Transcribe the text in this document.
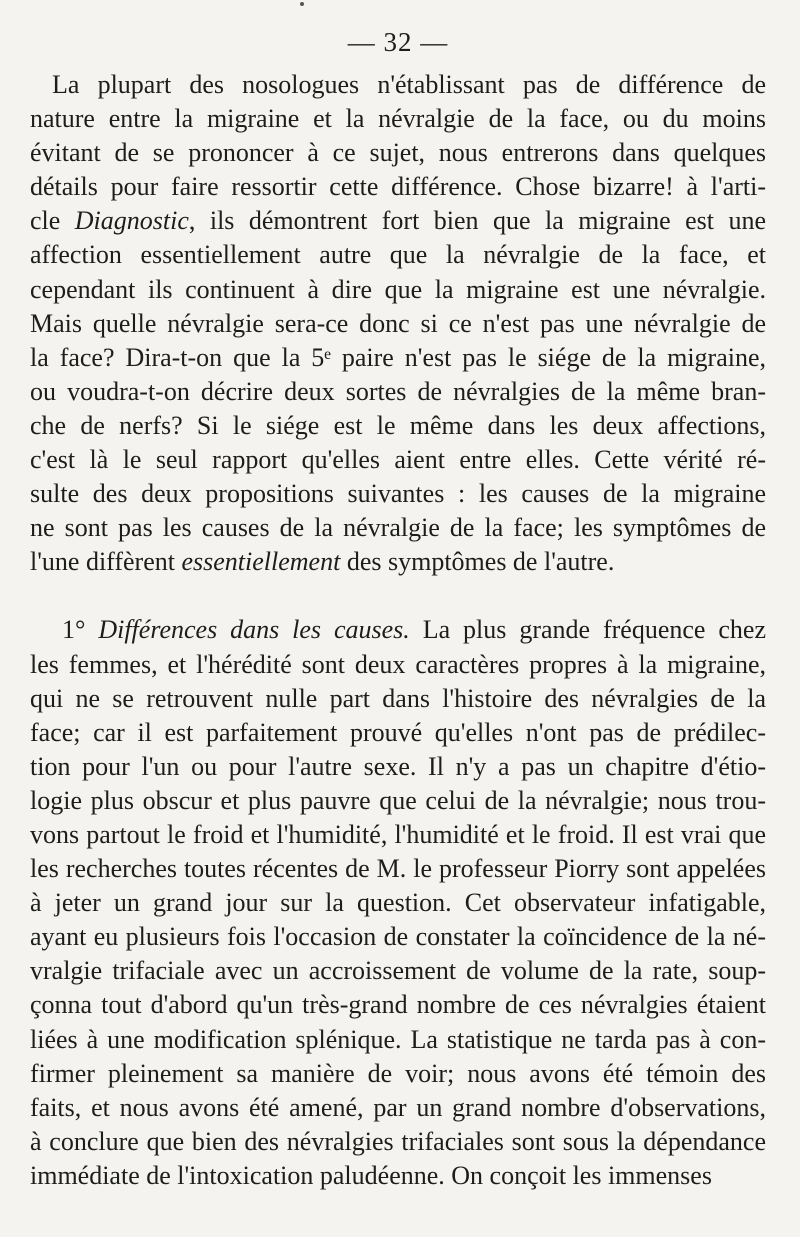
— 32 —
La plupart des nosologues n'établissant pas de différence de
nature entre la migraine et la névralgie de la face, ou du moins
évitant de se prononcer à ce sujet, nous entrerons dans quelques
détails pour faire ressortir cette différence. Chose bizarre! à l'arti-
cle Diagnostic, ils démontrent fort bien que la migraine est une
affection essentiellement autre que la névralgie de la face, et
cependant ils continuent à dire que la migraine est une névralgie.
Mais quelle névralgie sera-ce donc si ce n'est pas une névralgie de
la face? Dira-t-on que la 5ᵉ paire n'est pas le siége de la migraine,
ou voudra-t-on décrire deux sortes de névralgies de la même bran-
che de nerfs? Si le siége est le même dans les deux affections,
c'est là le seul rapport qu'elles aient entre elles. Cette vérité ré-
sulte des deux propositions suivantes : les causes de la migraine
ne sont pas les causes de la névralgie de la face; les symptômes de
l'une diffèrent essentiellement des symptômes de l'autre.
1° Différences dans les causes. La plus grande fréquence chez
les femmes, et l'hérédité sont deux caractères propres à la migraine,
qui ne se retrouvent nulle part dans l'histoire des névralgies de la
face; car il est parfaitement prouvé qu'elles n'ont pas de prédilec-
tion pour l'un ou pour l'autre sexe. Il n'y a pas un chapitre d'étio-
logie plus obscur et plus pauvre que celui de la névralgie; nous trou-
vons partout le froid et l'humidité, l'humidité et le froid. Il est vrai que
les recherches toutes récentes de M. le professeur Piorry sont appelées
à jeter un grand jour sur la question. Cet observateur infatigable,
ayant eu plusieurs fois l'occasion de constater la coïncidence de la né-
vralgie trifaciale avec un accroissement de volume de la rate, soup-
çonna tout d'abord qu'un très-grand nombre de ces névralgies étaient
liées à une modification splénique. La statistique ne tarda pas à con-
firmer pleinement sa manière de voir; nous avons été témoin des
faits, et nous avons été amené, par un grand nombre d'observations,
à conclure que bien des névralgies trifaciales sont sous la dépendance
immédiate de l'intoxication paludéenne. On conçoit les immenses
